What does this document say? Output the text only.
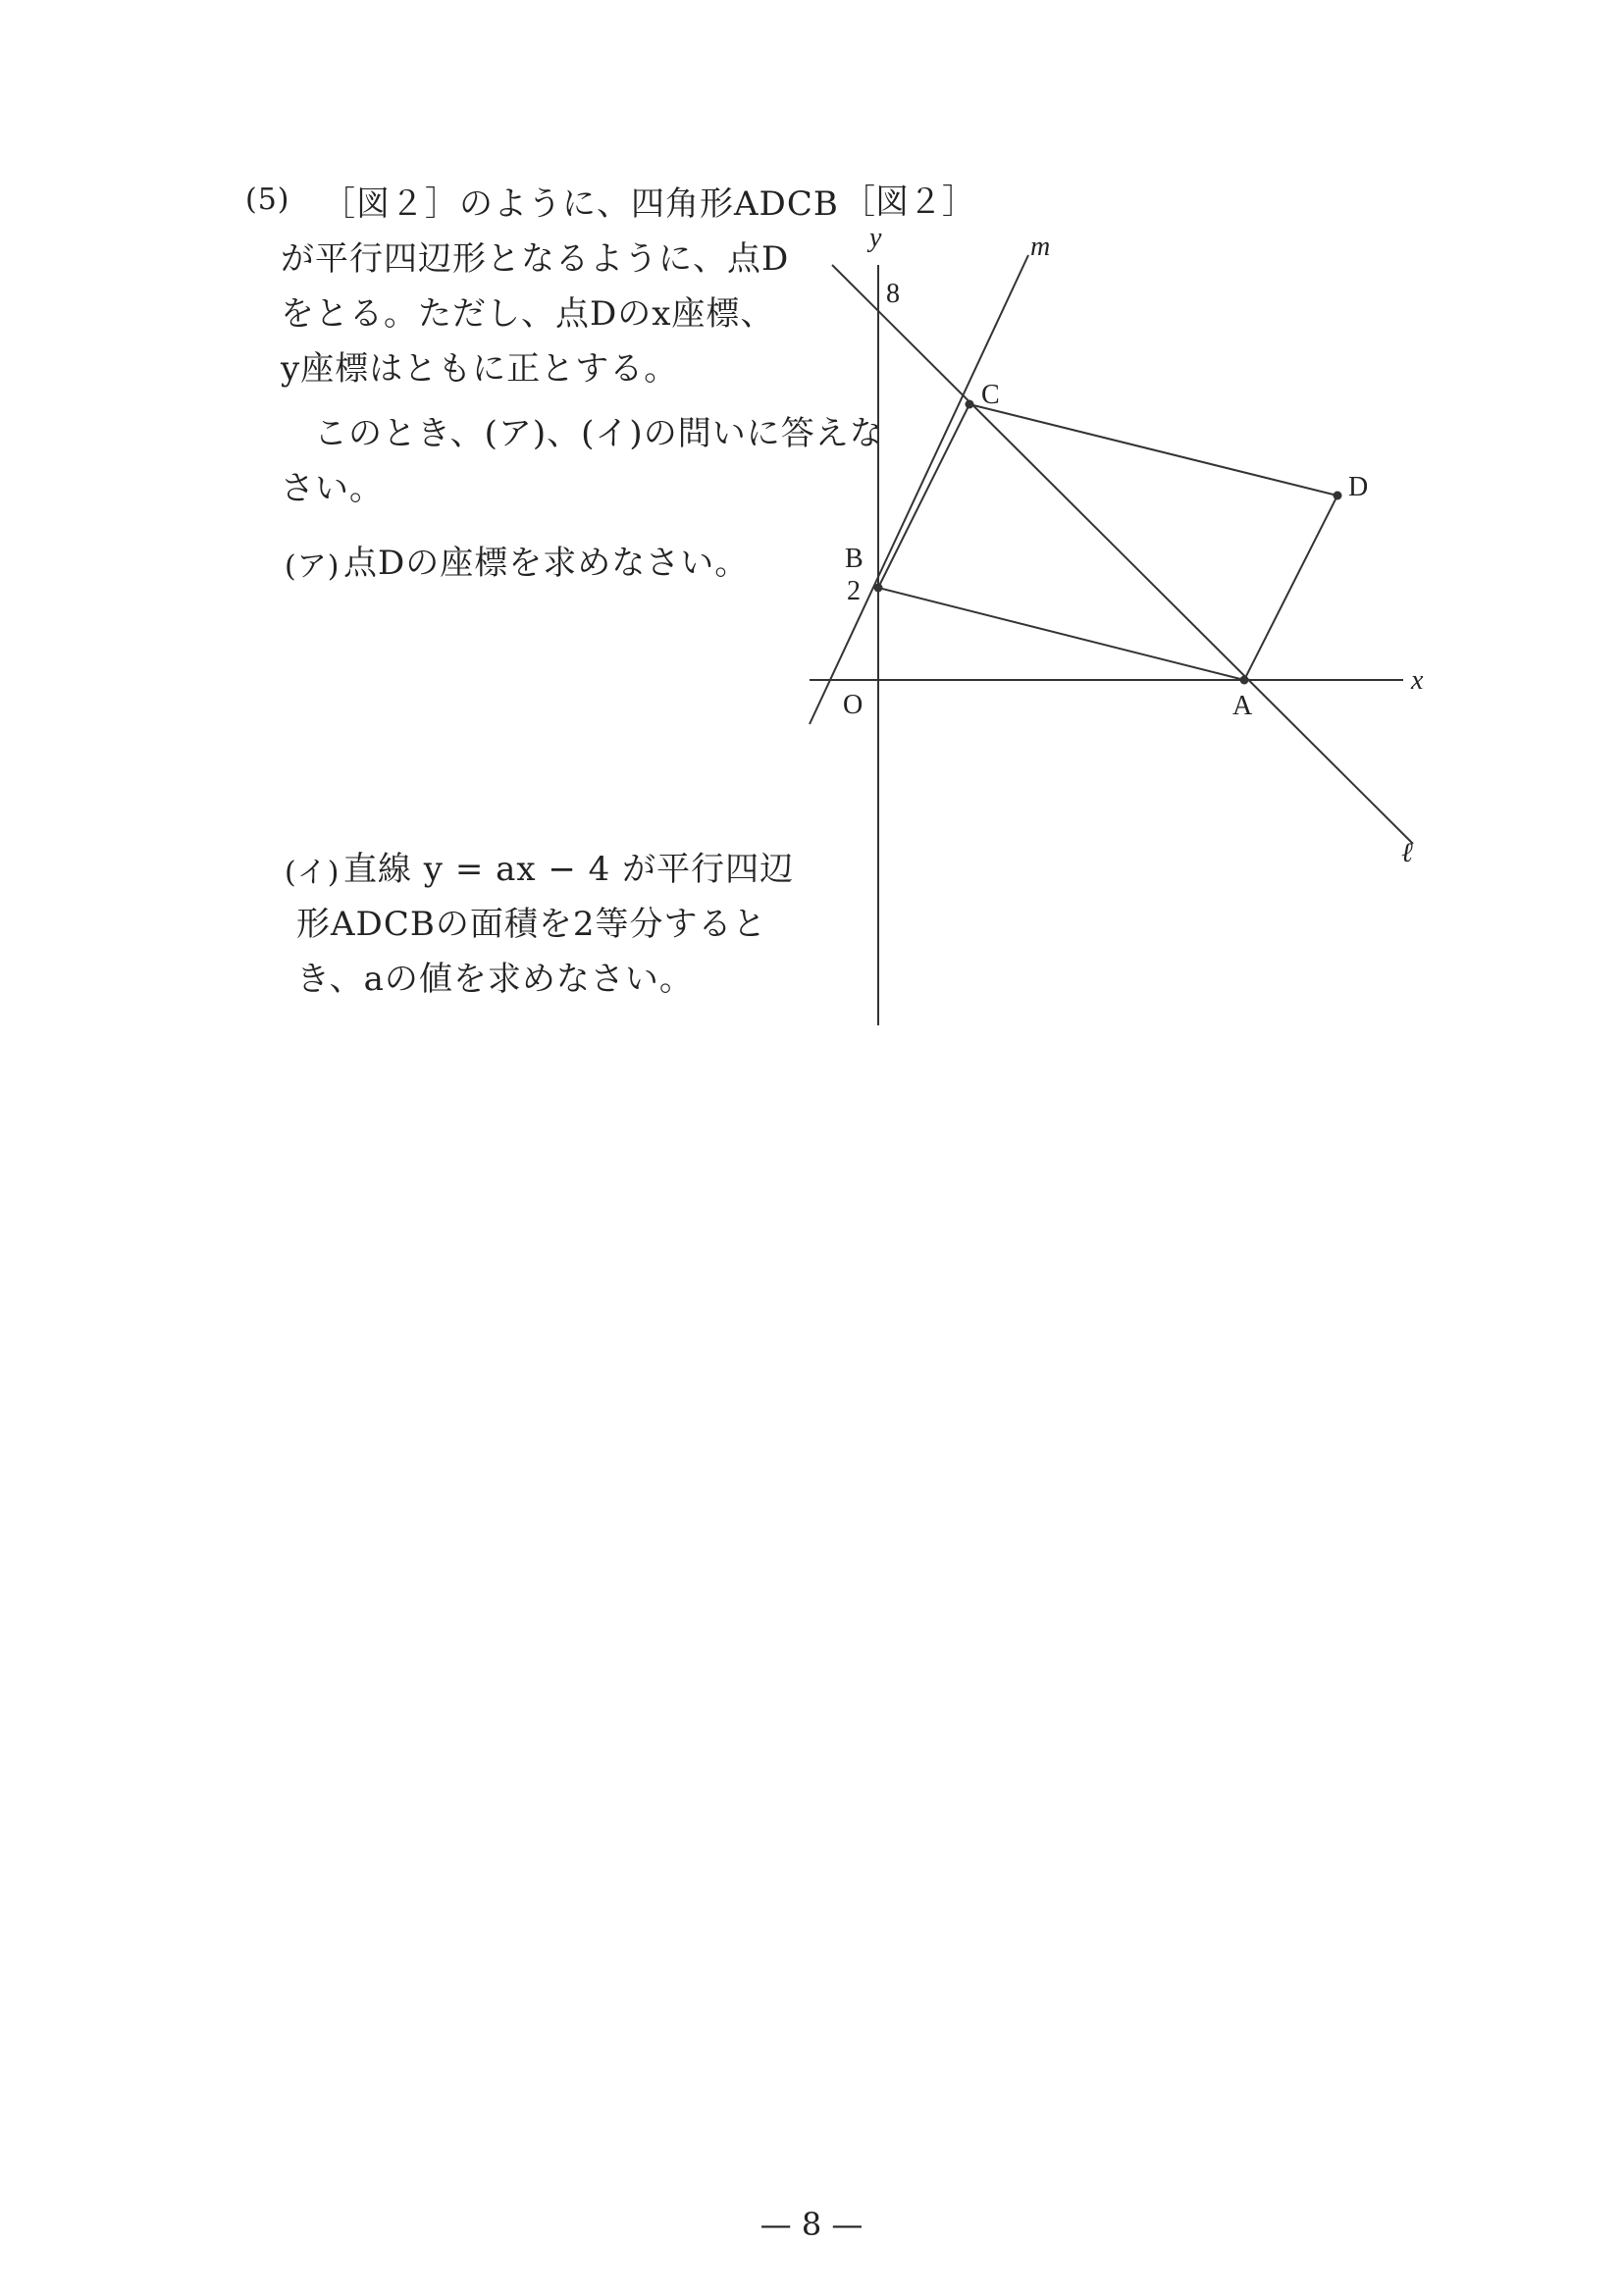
(5) ［図２］のように、四角形ADCB
が平行四辺形となるように、点D
をとる。ただし、点Dのx座標、
y座標はともに正とする。
このとき、(ア)、(イ)の問いに答えな
さい。
(ア) 点Dの座標を求めなさい。
(イ) 直線 y = ax − 4 が平行四辺
形ADCBの面積を2等分すると
き、aの値を求めなさい。
［図２］
y
x
m
ℓ
O
8
2
A
B
C
D
— 8 —
